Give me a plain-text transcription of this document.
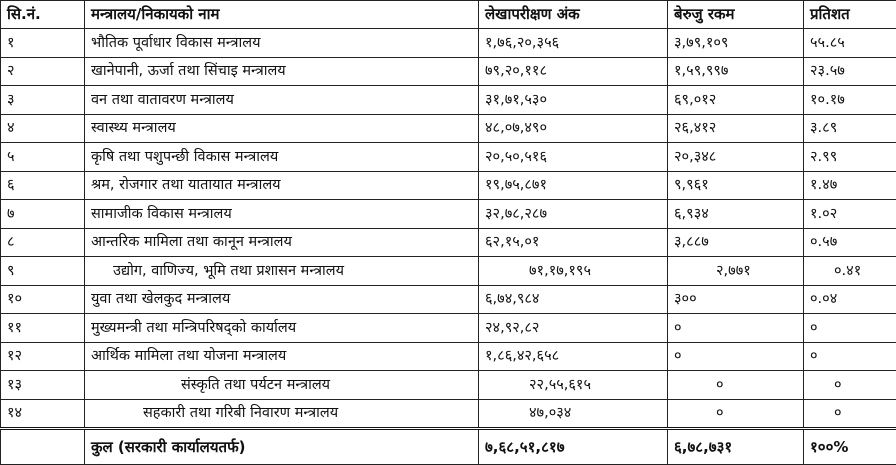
सि.नं.	मन्त्रालय/निकायको नाम	लेखापरीक्षण अंक	बेरुजु रकम	प्रतिशत
१	भौतिक पूर्वाधार विकास मन्त्रालय	१,७६,२०,३५६	३,७९,१०९	५५.८५
२	खानेपानी, ऊर्जा तथा सिंचाइ मन्त्रालय	७९,२०,११८	१,५९,९९७	२३.५७
३	वन तथा वातावरण मन्त्रालय	३१,७१,५३०	६९,०१२	१०.१७
४	स्वास्थ्य मन्त्रालय	४८,०७,४९०	२६,४१२	३.८९
५	कृषि तथा पशुपन्छी विकास मन्त्रालय	२०,५०,५१६	२०,३४८	२.९९
६	श्रम, रोजगार तथा यातायात मन्त्रालय	१९,७५,८७१	९,९६१	१.४७
७	सामाजीक विकास मन्त्रालय	३२,७८,२८७	६,९३४	१.०२
८	आन्तरिक मामिला तथा कानून मन्त्रालय	६२,१५,०१	३,८८७	०.५७
९	उद्योग, वाणिज्य, भूमि तथा प्रशासन मन्त्रालय	७१,१७,१९५	२,७७१	०.४१
१०	युवा तथा खेलकुद मन्त्रालय	६,७४,९८४	३००	०.०४
११	मुख्यमन्त्री तथा मन्त्रिपरिषद्को कार्यालय	२४,९२,८२	०	०
१२	आर्थिक मामिला तथा योजना मन्त्रालय	१,८६,४२,६५८	०	०
१३	संस्कृति तथा पर्यटन मन्त्रालय	२२,५५,६१५	०	०
१४	सहकारी तथा गरिबी निवारण मन्त्रालय	४७,०३४	०	०
	कुल (सरकारी कार्यालयतर्फ)	७,६८,५१,८१७	६,७८,७३१	१००%
